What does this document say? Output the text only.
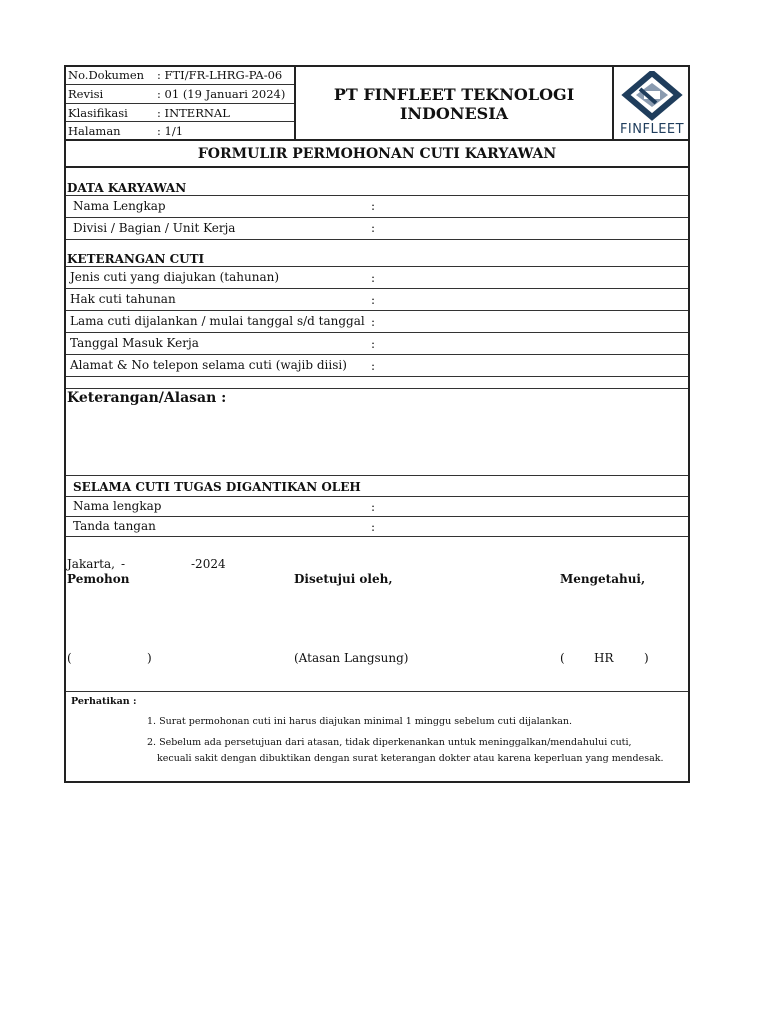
No.Dokumen : FTI/FR-LHRG-PA-06
Revisi	: 01 (19 Januari 2024)
Klasifikasi	: INTERNAL
Halaman	: 1/1
PT FINFLEET TEKNOLOGI
INDONESIA
FINFLEET
FORMULIR PERMOHONAN CUTI KARYAWAN
DATA KARYAWAN
Nama Lengkap	:
Divisi / Bagian / Unit Kerja	:
KETERANGAN CUTI
Jenis cuti yang diajukan (tahunan)	:
Hak cuti tahunan	:
Lama cuti dijalankan / mulai tanggal s/d tanggal :
Tanggal Masuk Kerja	:
Alamat & No telepon selama cuti (wajib diisi) :
Keterangan/Alasan :
SELAMA CUTI TUGAS DIGANTIKAN OLEH
Nama lengkap	:
Tanda tangan	:
Jakarta, -	-2024
Pemohon	Disetujui oleh,	Mengetahui,
(	)	(Atasan Langsung)	( HR	)
Perhatikan :
1. Surat permohonan cuti ini harus diajukan minimal 1 minggu sebelum cuti dijalankan.
2. Sebelum ada persetujuan dari atasan, tidak diperkenankan untuk meninggalkan/mendahului cuti,
kecuali sakit dengan dibuktikan dengan surat keterangan dokter atau karena keperluan yang mendesak.
